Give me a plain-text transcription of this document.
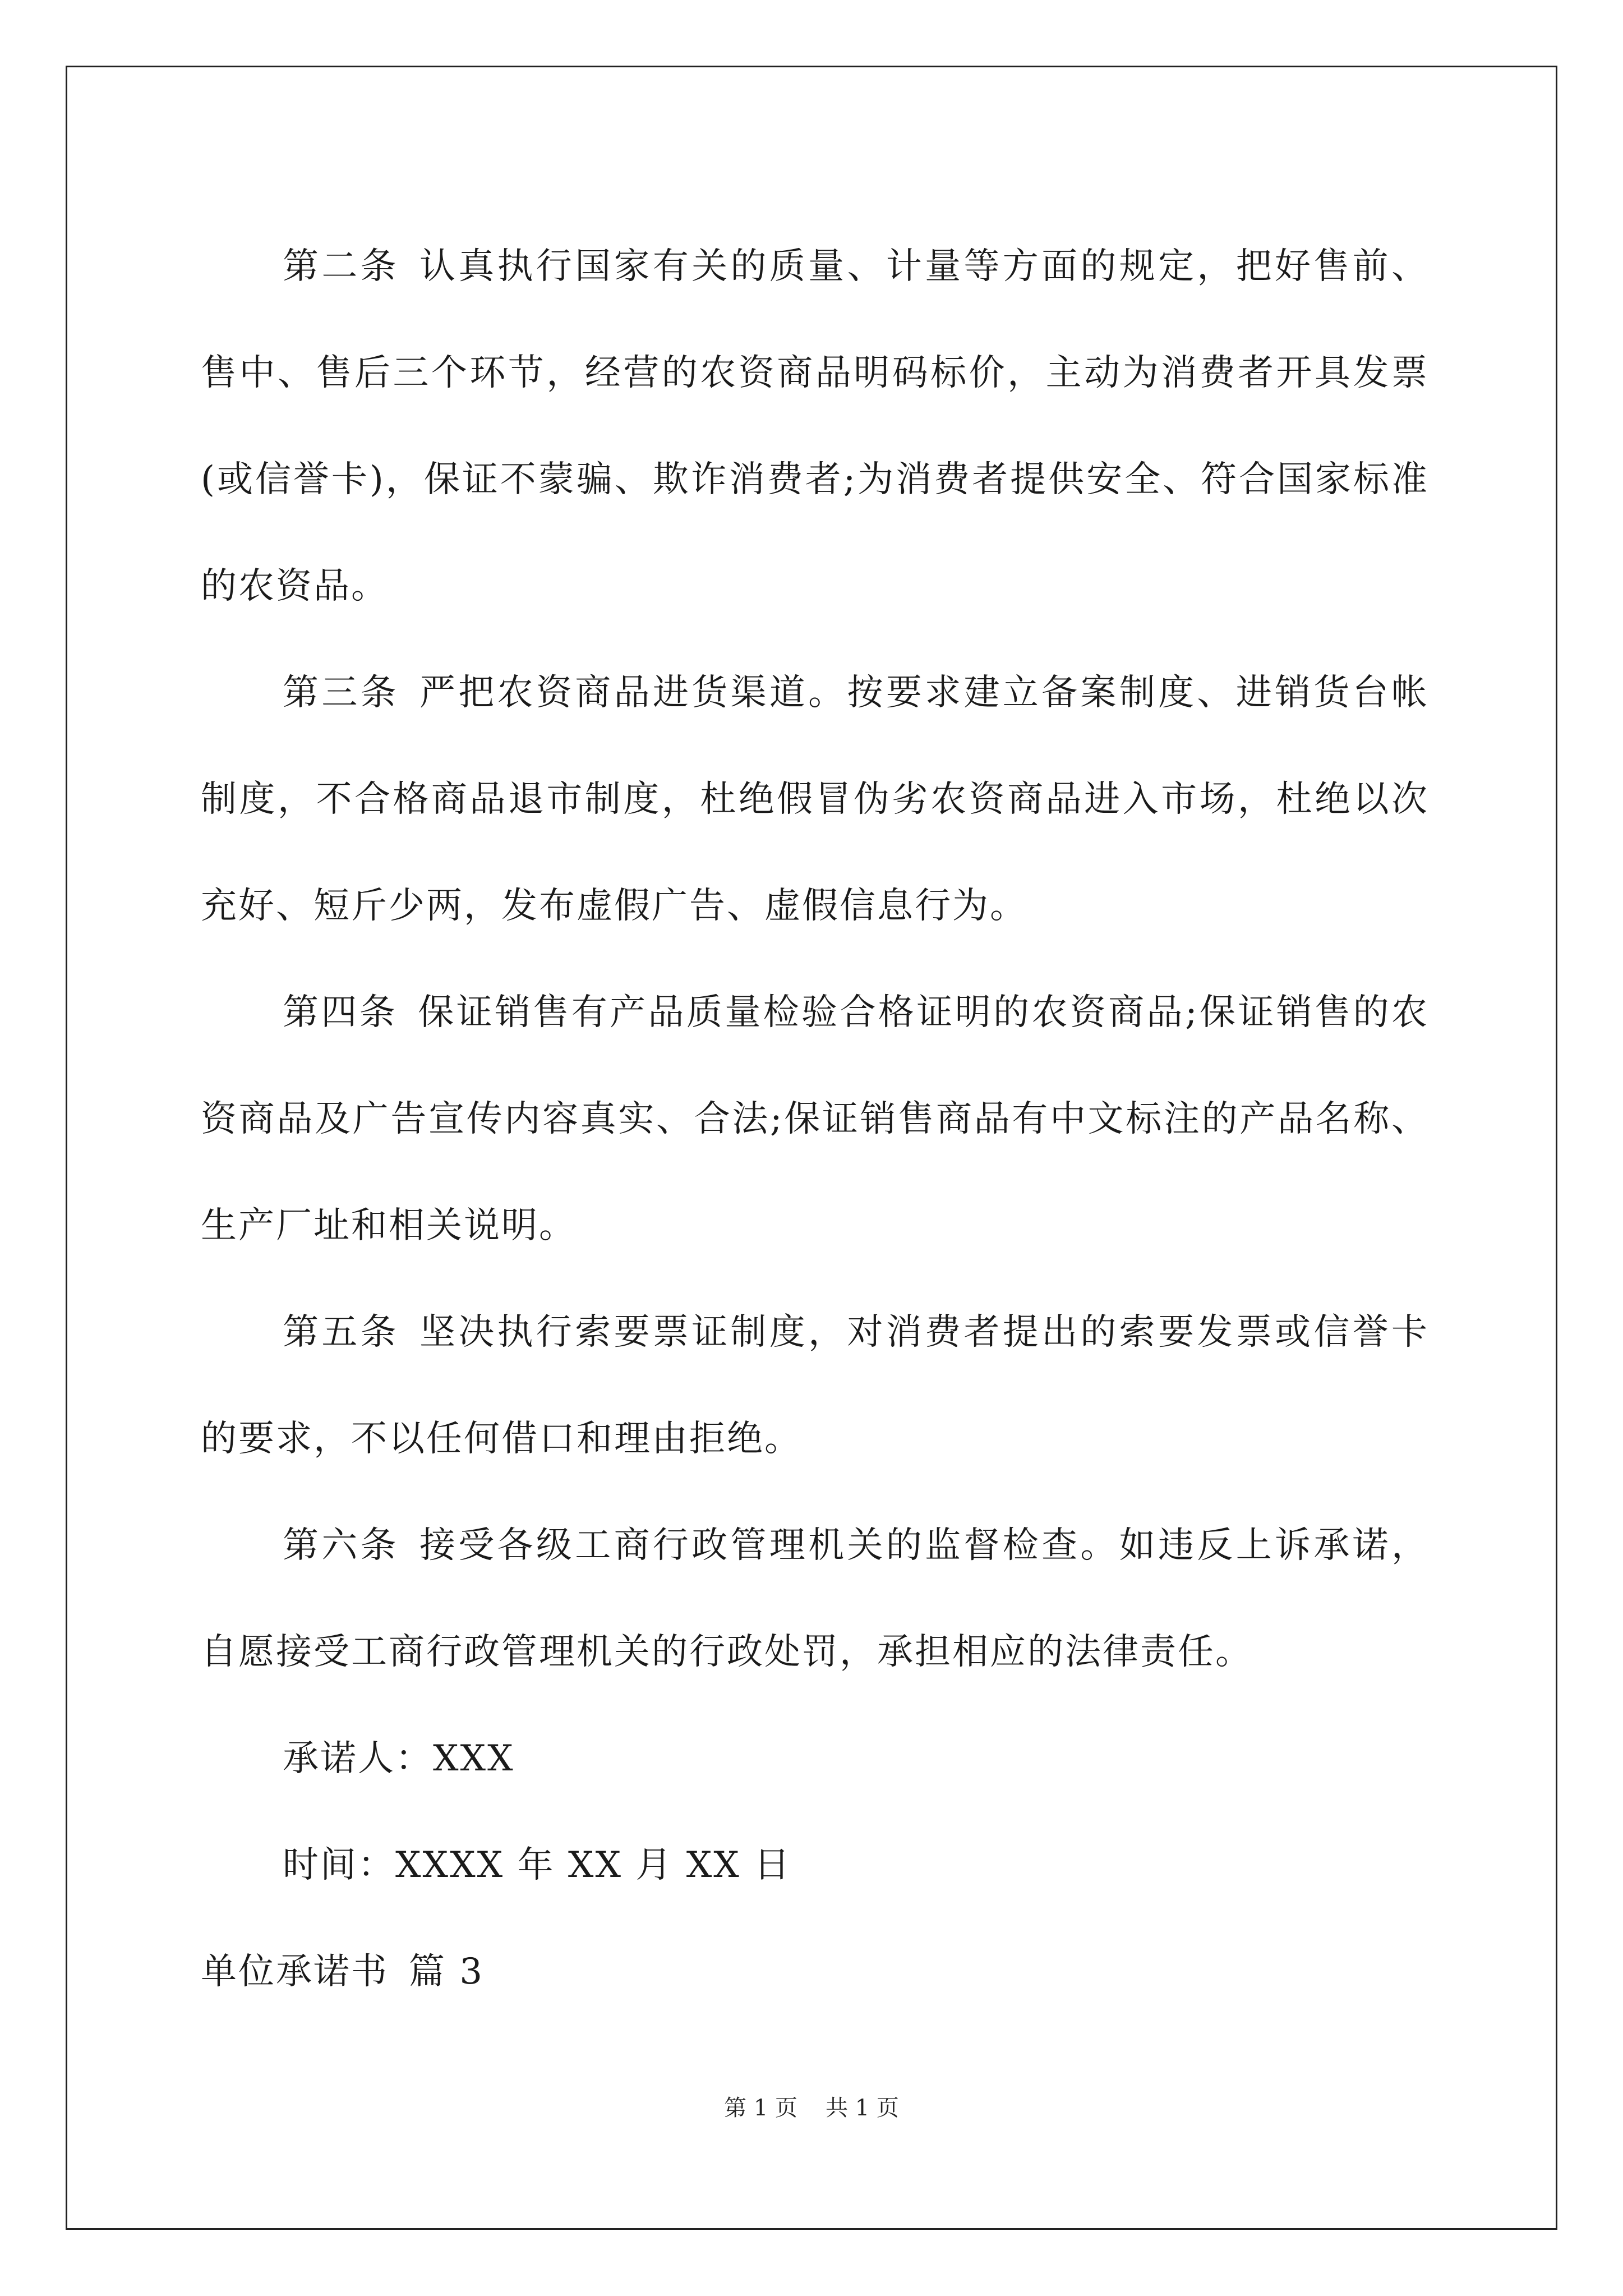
第二条 认真执行国家有关的质量、计量等方面的规定，把好售前、售中、售后三个环节，经营的农资商品明码标价，主动为消费者开具发票(或信誉卡)，保证不蒙骗、欺诈消费者;为消费者提供安全、符合国家标准的农资品。

第三条 严把农资商品进货渠道。按要求建立备案制度、进销货台帐制度，不合格商品退市制度，杜绝假冒伪劣农资商品进入市场，杜绝以次充好、短斤少两，发布虚假广告、虚假信息行为。

第四条 保证销售有产品质量检验合格证明的农资商品;保证销售的农资商品及广告宣传内容真实、合法;保证销售商品有中文标注的产品名称、生产厂址和相关说明。

第五条 坚决执行索要票证制度，对消费者提出的索要发票或信誉卡的要求，不以任何借口和理由拒绝。

第六条 接受各级工商行政管理机关的监督检查。如违反上诉承诺，自愿接受工商行政管理机关的行政处罚，承担相应的法律责任。

承诺人：XXX

时间：XXXX 年 XX 月 XX 日

单位承诺书 篇 3

第 1 页 共 1 页
